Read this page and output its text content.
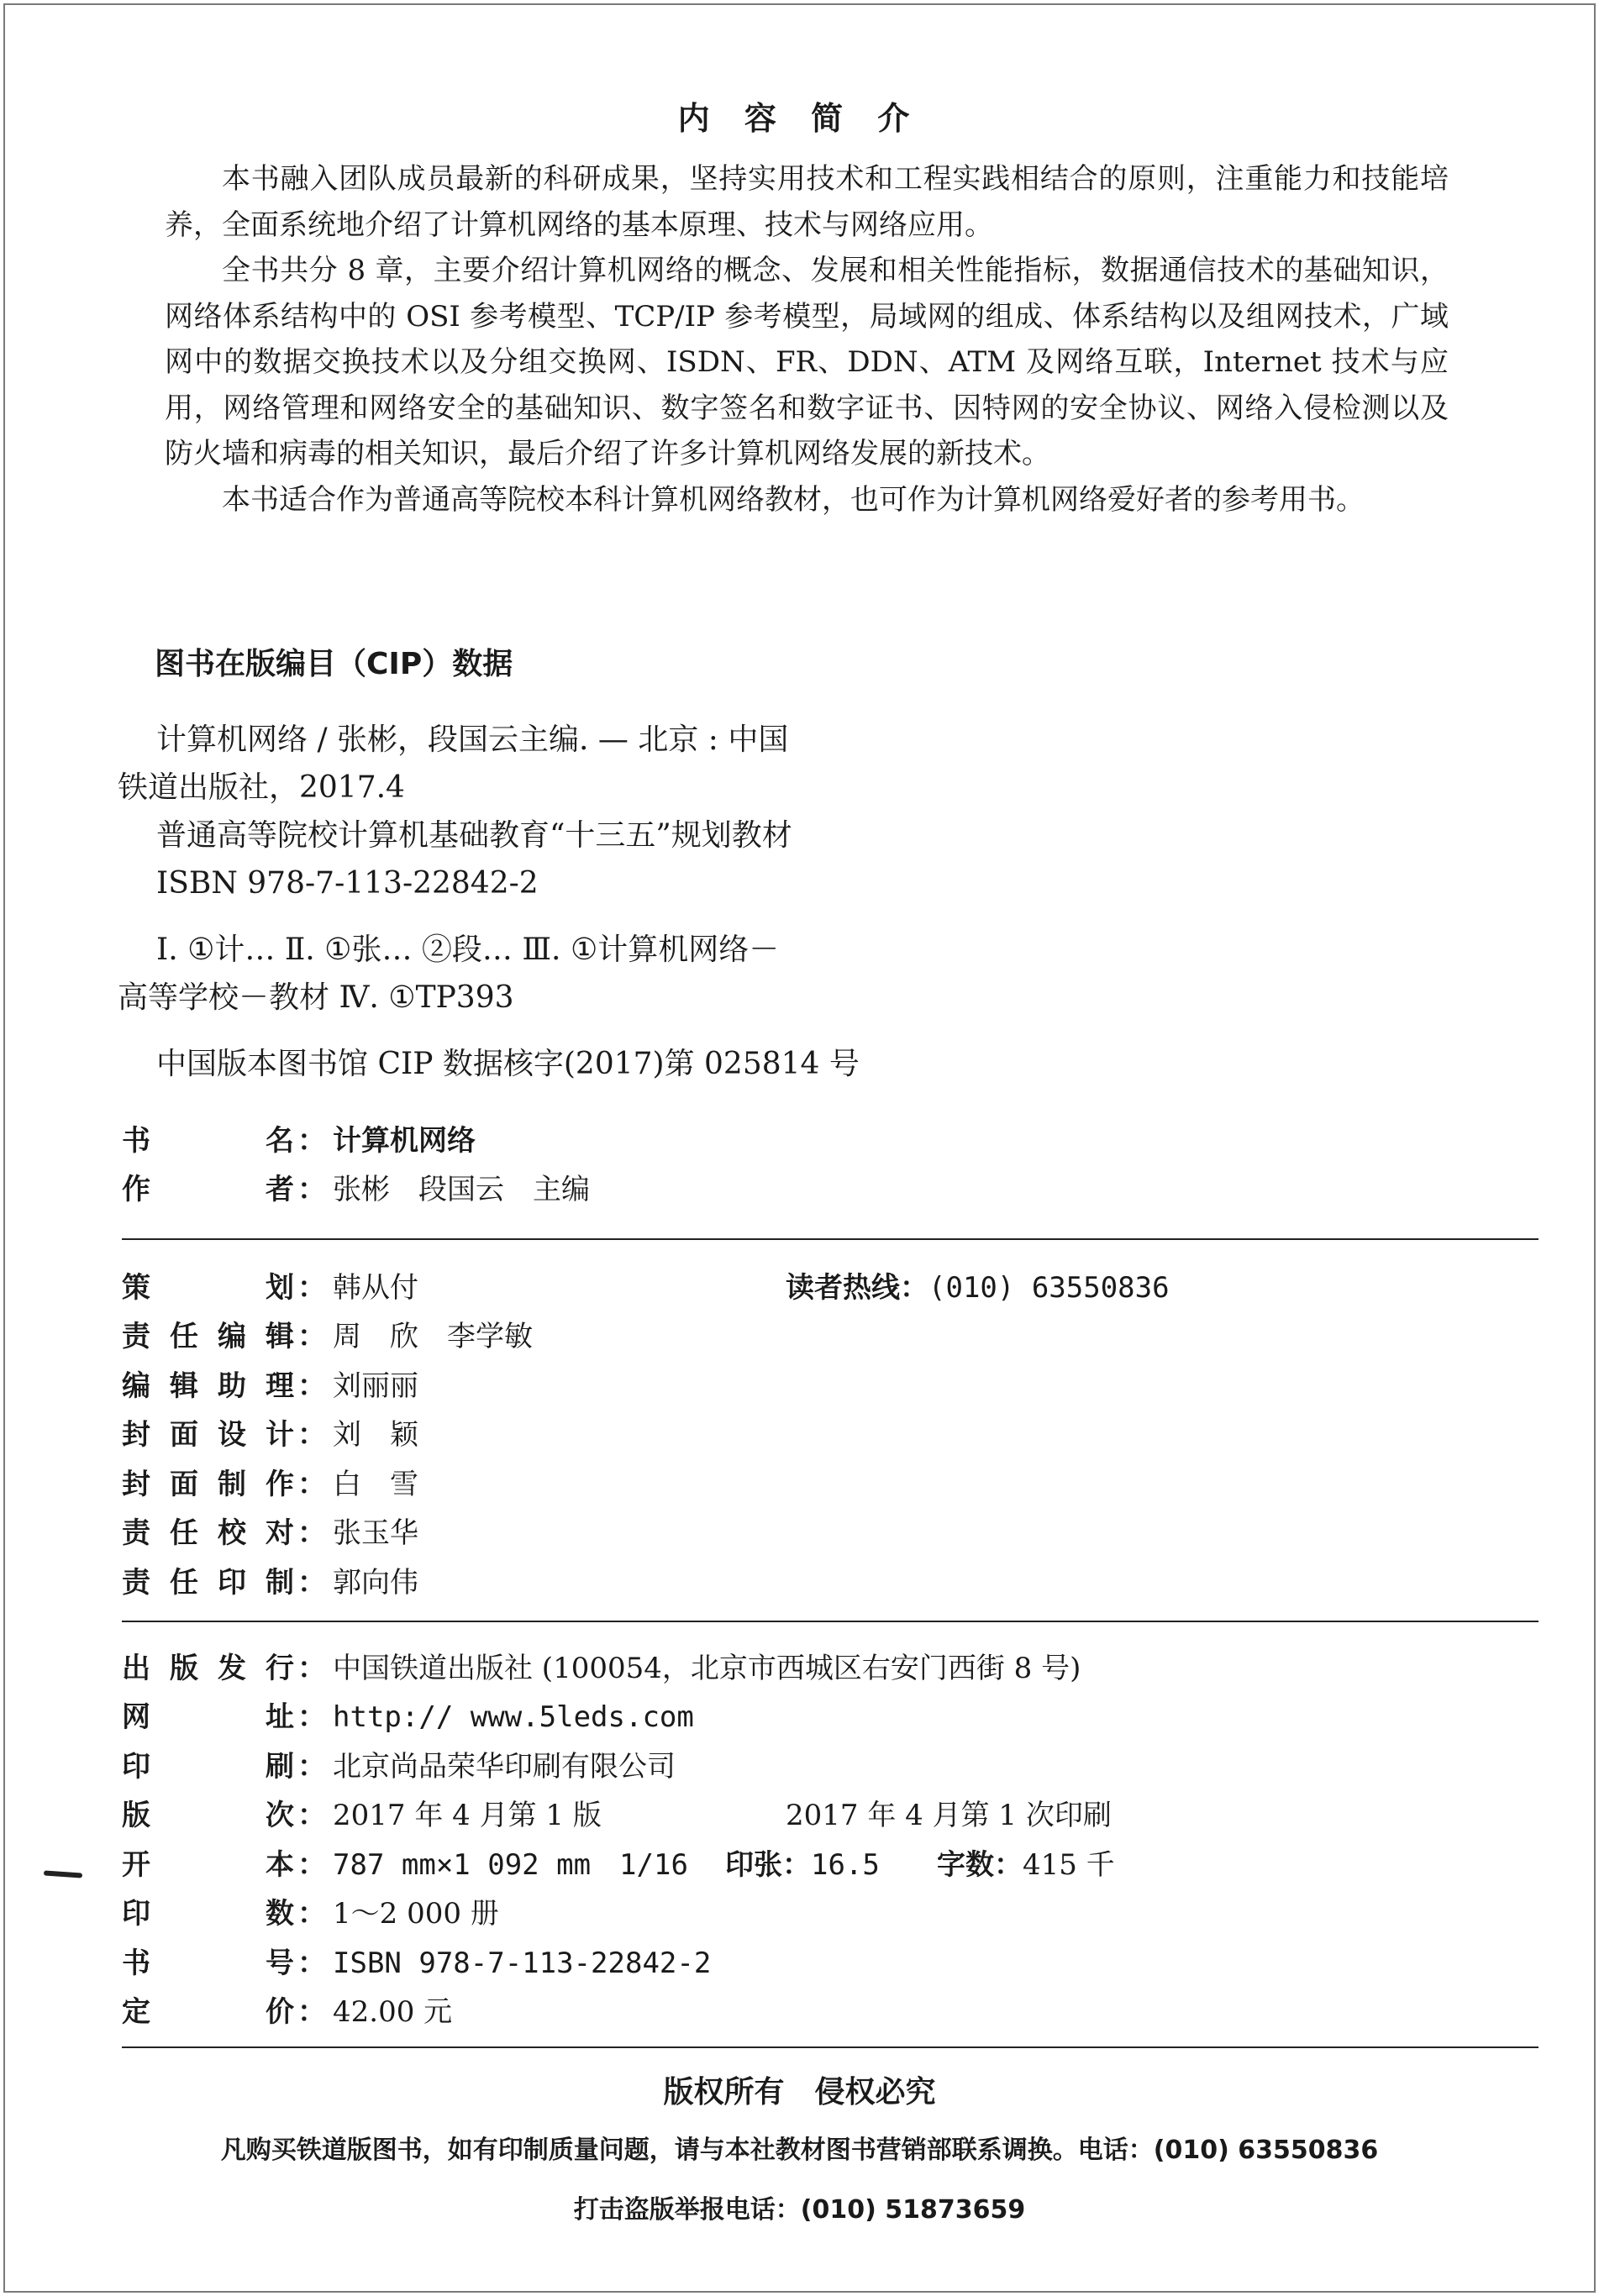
内 容 简 介

本书融入团队成员最新的科研成果，坚持实用技术和工程实践相结合的原则，注重能力和技能培养，全面系统地介绍了计算机网络的基本原理、技术与网络应用。

全书共分 8 章，主要介绍计算机网络的概念、发展和相关性能指标，数据通信技术的基础知识，网络体系结构中的 OSI 参考模型、TCP/IP 参考模型，局域网的组成、体系结构以及组网技术，广域网中的数据交换技术以及分组交换网、ISDN、FR、DDN、ATM 及网络互联，Internet 技术与应用，网络管理和网络安全的基础知识、数字签名和数字证书、因特网的安全协议、网络入侵检测以及防火墙和病毒的相关知识，最后介绍了许多计算机网络发展的新技术。

本书适合作为普通高等院校本科计算机网络教材，也可作为计算机网络爱好者的参考用书。

图书在版编目（CIP）数据
计算机网络 / 张彬，段国云主编. — 北京 : 中国
铁道出版社，2017.4
普通高等院校计算机基础教育“十三五”规划教材
ISBN 978-7-113-22842-2
Ⅰ. ①计… Ⅱ. ①张… ②段… Ⅲ. ①计算机网络－
高等学校－教材 Ⅳ. ①TP393
中国版本图书馆 CIP 数据核字(2017)第 025814 号
书名 ： 计算机网络
作者 ： 张彬　段国云　主编
策划 ： 韩从付	读者热线： (010) 63550836
责任编辑 ： 周　欣　李学敏
编辑助理 ： 刘丽丽
封面设计 ： 刘　颖
封面制作 ： 白　雪
责任校对 ： 张玉华
责任印制 ： 郭向伟
出版发行 ： 中国铁道出版社 (100054，北京市西城区右安门西街 8 号)
网址 ： http:// www.5leds.com
印刷 ： 北京尚品荣华印刷有限公司
版次 ： 2017 年 4 月第 1 版	2017 年 4 月第 1 次印刷
开本 ： 787 mm×1 092 mm　1/16 印张： 16.5 字数： 415 千
印数 ： 1～2 000 册
书号 ： ISBN 978-7-113-22842-2
定价 ： 42.00 元
版权所有　侵权必究
凡购买铁道版图书，如有印制质量问题，请与本社教材图书营销部联系调换。电话：(010) 63550836
打击盗版举报电话：(010) 51873659
